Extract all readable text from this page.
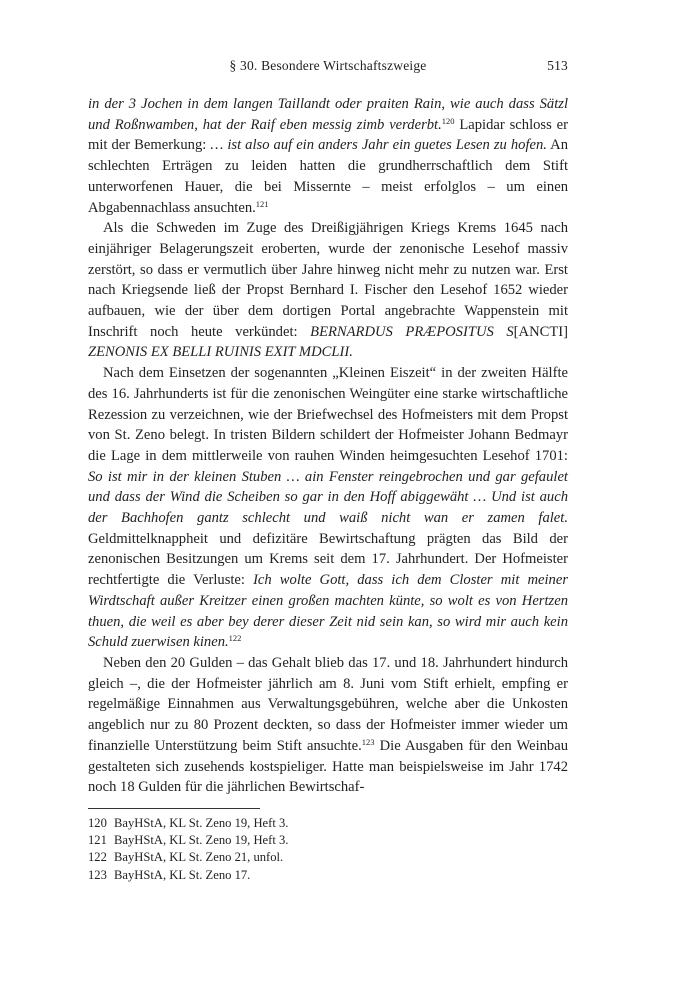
§ 30. Besondere Wirtschaftszweige	513

in der 3 Jochen in dem langen Taillandt oder praiten Rain, wie auch dass Sätzl und Roßnwamben, hat der Raif eben messig zimb verderbt.$^{120}$ Lapidar schloss er mit der Bemerkung: … ist also auf ein anders Jahr ein guetes Lesen zu hofen. An schlechten Erträgen zu leiden hatten die grundherrschaftlich dem Stift unterworfenen Hauer, die bei Missernte – meist erfolglos – um einen Abgabennachlass ansuchten.$^{121}$

Als die Schweden im Zuge des Dreißigjährigen Kriegs Krems 1645 nach einjähriger Belagerungszeit eroberten, wurde der zenonische Lesehof massiv zerstört, so dass er vermutlich über Jahre hinweg nicht mehr zu nutzen war. Erst nach Kriegsende ließ der Propst Bernhard I. Fischer den Lesehof 1652 wieder aufbauen, wie der über dem dortigen Portal angebrachte Wappenstein mit Inschrift noch heute verkündet: BERNARDUS PRÆPOSITUS S[ANCTI] ZENONIS EX BELLI RUINIS EXIT MDCLII.

Nach dem Einsetzen der sogenannten „Kleinen Eiszeit“ in der zweiten Hälfte des 16. Jahrhunderts ist für die zenonischen Weingüter eine starke wirtschaftliche Rezession zu verzeichnen, wie der Briefwechsel des Hofmeisters mit dem Propst von St. Zeno belegt. In tristen Bildern schildert der Hofmeister Johann Bedmayr die Lage in dem mittlerweile von rauhen Winden heimgesuchten Lesehof 1701: So ist mir in der kleinen Stuben … ain Fenster reingebrochen und gar gefaulet und dass der Wind die Scheiben so gar in den Hoff abiggewäht … Und ist auch der Bachhofen gantz schlecht und waiß nicht wan er zamen falet. Geldmittelknappheit und defizitäre Bewirtschaftung prägten das Bild der zenonischen Besitzungen um Krems seit dem 17. Jahrhundert. Der Hofmeister rechtfertigte die Verluste: Ich wolte Gott, dass ich dem Closter mit meiner Wirdtschaft außer Kreitzer einen großen machten künte, so wolt es von Hertzen thuen, die weil es aber bey derer dieser Zeit nid sein kan, so wird mir auch kein Schuld zuerwisen kinen.$^{122}$

Neben den 20 Gulden – das Gehalt blieb das 17. und 18. Jahrhundert hindurch gleich –, die der Hofmeister jährlich am 8. Juni vom Stift erhielt, empfing er regelmäßige Einnahmen aus Verwaltungsgebühren, welche aber die Unkosten angeblich nur zu 80 Prozent deckten, so dass der Hofmeister immer wieder um finanzielle Unterstützung beim Stift ansuchte.$^{123}$ Die Ausgaben für den Weinbau gestalteten sich zusehends kostspieliger. Hatte man beispielsweise im Jahr 1742 noch 18 Gulden für die jährlichen Bewirtschaf-

120 BayHStA, KL St. Zeno 19, Heft 3.
121 BayHStA, KL St. Zeno 19, Heft 3.
122 BayHStA, KL St. Zeno 21, unfol.
123 BayHStA, KL St. Zeno 17.
